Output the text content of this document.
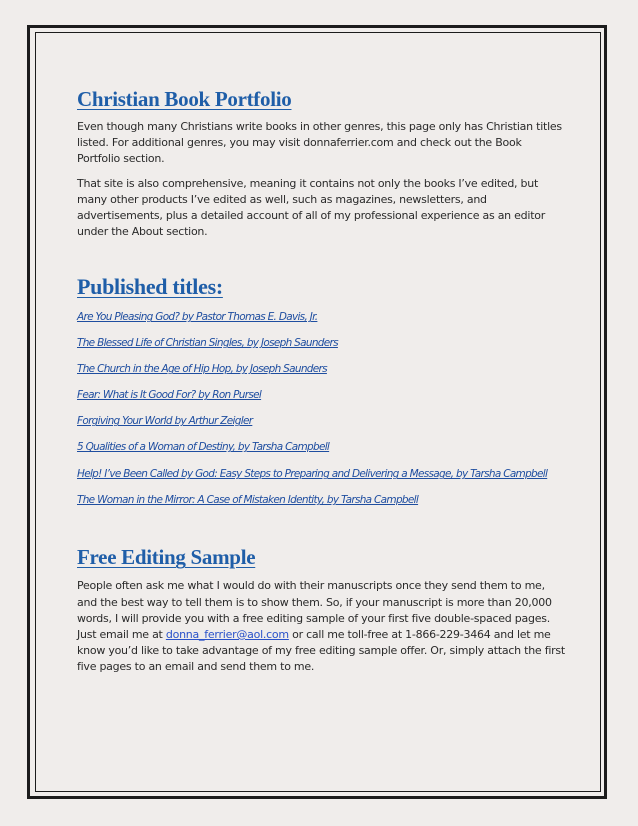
Christian Book Portfolio

Even though many Christians write books in other genres, this page only has Christian titles listed. For additional genres, you may visit donnaferrier.com and check out the Book Portfolio section.

That site is also comprehensive, meaning it contains not only the books I’ve edited, but many other products I’ve edited as well, such as magazines, newsletters, and advertisements, plus a detailed account of all of my professional experience as an editor under the About section.

Published titles:
Are You Pleasing God? by Pastor Thomas E. Davis, Jr.
The Blessed Life of Christian Singles, by Joseph Saunders
The Church in the Age of Hip Hop, by Joseph Saunders
Fear: What is It Good For? by Ron Pursel
Forgiving Your World by Arthur Zeigler
5 Qualities of a Woman of Destiny, by Tarsha Campbell
Help! I’ve Been Called by God: Easy Steps to Preparing and Delivering a Message, by Tarsha Campbell
The Woman in the Mirror: A Case of Mistaken Identity, by Tarsha Campbell
Free Editing Sample

People often ask me what I would do with their manuscripts once they send them to me, and the best way to tell them is to show them. So, if your manuscript is more than 20,000 words, I will provide you with a free editing sample of your first five double-spaced pages. Just email me at donna_ferrier@aol.com or call me toll-free at 1-866-229-3464 and let me know you’d like to take advantage of my free editing sample offer. Or, simply attach the first five pages to an email and send them to me.
